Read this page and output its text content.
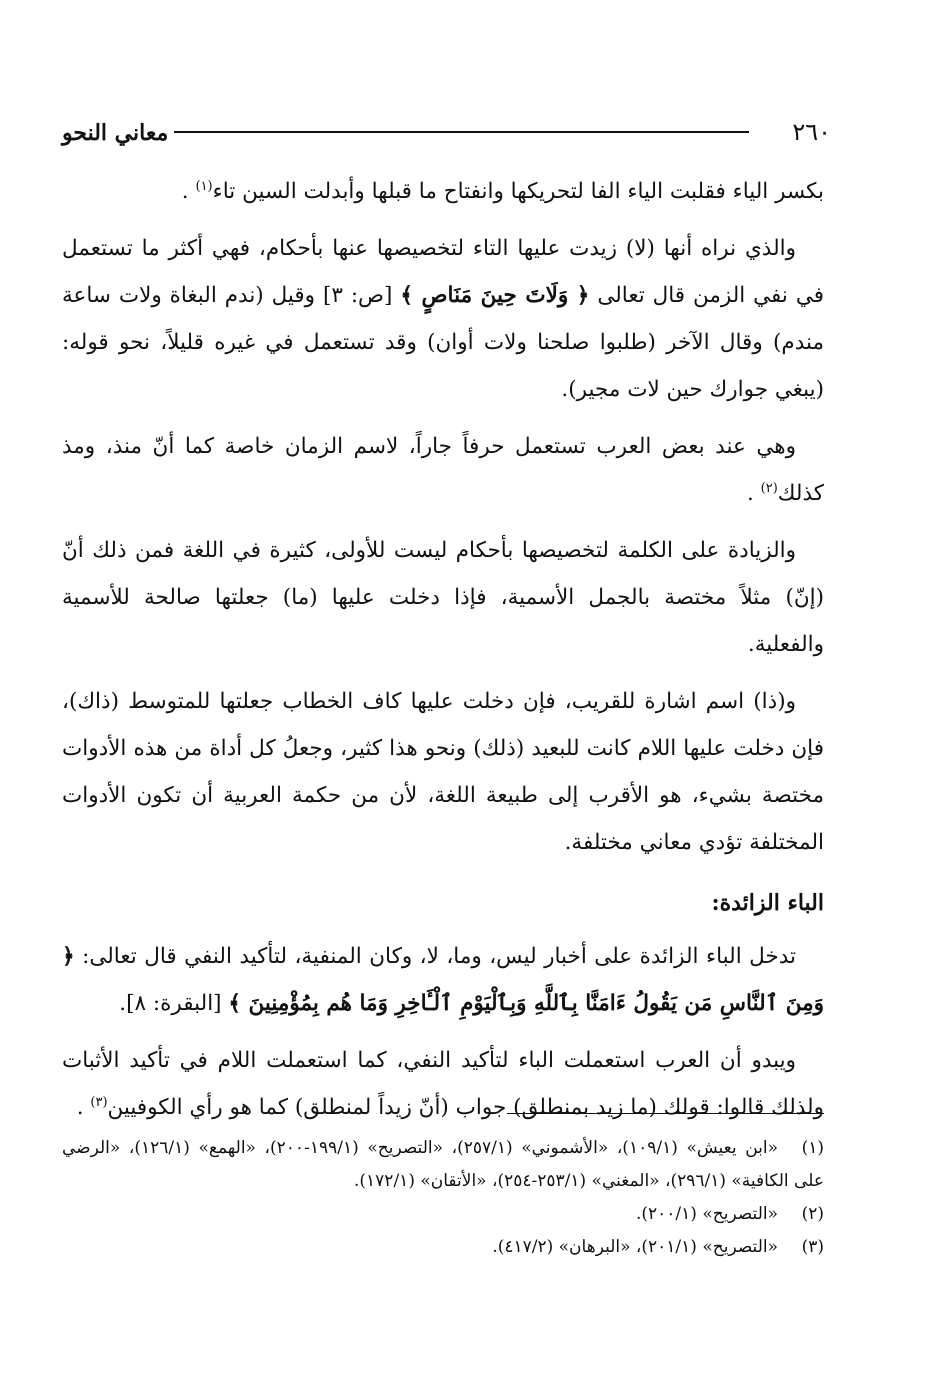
معاني النحو	٢٦٠

بكسر الياء فقلبت الياء الفا لتحريكها وانفتاح ما قبلها وأبدلت السين تاء$^{(١)}$ .

والذي نراه أنها (لا) زيدت عليها التاء لتخصيصها عنها بأحكام، فهي أكثر ما تستعمل في نفي الزمن قال تعالى ﴿ وَلَاتَ حِينَ مَنَاصٍ ﴾ [ص: ٣] وقيل (ندم البغاة ولات ساعة مندم) وقال الآخر (طلبوا صلحنا ولات أوان) وقد تستعمل في غيره قليلاً، نحو قوله: (يبغي جوارك حين لات مجير).

وهي عند بعض العرب تستعمل حرفاً جاراً، لاسم الزمان خاصة كما أنّ منذ، ومذ كذلك$^{(٢)}$ .

والزيادة على الكلمة لتخصيصها بأحكام ليست للأولى، كثيرة في اللغة فمن ذلك أنّ (إنّ) مثلاً مختصة بالجمل الأسمية، فإذا دخلت عليها (ما) جعلتها صالحة للأسمية والفعلية.

و(ذا) اسم اشارة للقريب، فإن دخلت عليها كاف الخطاب جعلتها للمتوسط (ذاك)، فإن دخلت عليها اللام كانت للبعيد (ذلك) ونحو هذا كثير، وجعلُ كل أداة من هذه الأدوات مختصة بشيء، هو الأقرب إلى طبيعة اللغة، لأن من حكمة العربية أن تكون الأدوات المختلفة تؤدي معاني مختلفة.

الباء الزائدة:

تدخل الباء الزائدة على أخبار ليس، وما، لا، وكان المنفية، لتأكيد النفي قال تعالى: ﴿ وَمِنَ ٱلنَّاسِ مَن يَقُولُ ءَامَنَّا بِٱللَّهِ وَبِٱلْيَوْمِ ٱلْـَٔاخِرِ وَمَا هُم بِمُؤْمِنِينَ ﴾ [البقرة: ٨].

ويبدو أن العرب استعملت الباء لتأكيد النفي، كما استعملت اللام في تأكيد الأثبات ولذلك قالوا: قولك (ما زيد بمنطلق) جواب (أنّ زيداً لمنطلق) كما هو رأي الكوفيين$^{(٣)}$ .

(١)«ابن يعيش» (١٠٩/١)، «الأشموني» (٢٥٧/١)، «التصريح» (١٩٩/١-٢٠٠)، «الهمع» (١٢٦/١)، «الرضي على الكافية» (٢٩٦/١)، «المغني» (٢٥٣/١-٢٥٤)، «الأتقان» (١٧٢/١).

(٢)«التصريح» (٢٠٠/١).

(٣)«التصريح» (٢٠١/١)، «البرهان» (٤١٧/٢).
